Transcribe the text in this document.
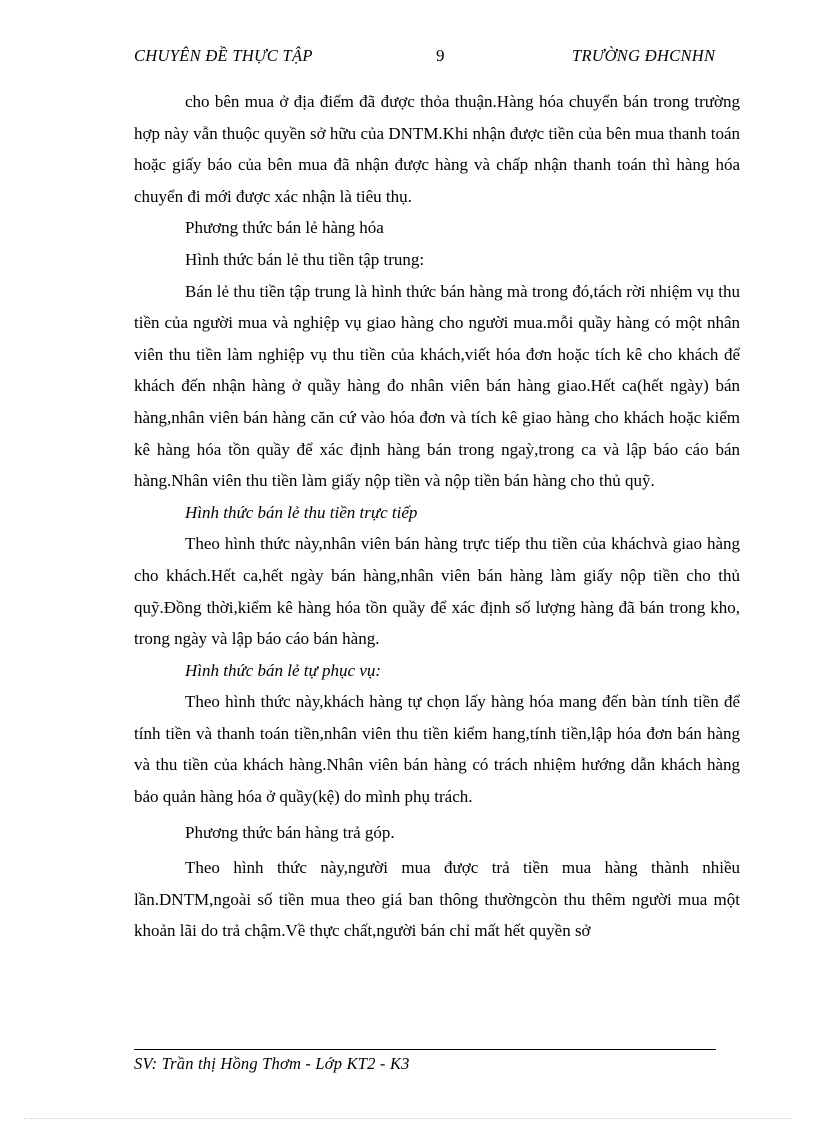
CHUYÊN ĐỀ THỰC TẬP	9	TRƯỜNG ĐHCNHN

cho bên mua ở địa điểm đã được thỏa thuận.Hàng hóa chuyển bán trong trường hợp này vẫn thuộc quyền sở hữu của DNTM.Khi nhận được tiền của bên mua thanh toán hoặc giấy báo của bên mua đã nhận được hàng và chấp nhận thanh toán thì hàng hóa chuyển đi mới được xác nhận là tiêu thụ.

Phương thức bán lẻ hàng hóa

Hình thức bán lẻ thu tiền tập trung:

Bán lẻ thu tiền tập trung là hình thức bán hàng mà trong đó,tách rời nhiệm vụ thu tiền của người mua và nghiệp vụ giao hàng cho người mua.mỗi quầy hàng có một nhân viên thu tiền làm nghiệp vụ thu tiền của khách,viết hóa đơn hoặc tích kê cho khách để khách đến nhận hàng ở quầy hàng đo nhân viên bán hàng giao.Hết ca(hết ngày) bán hàng,nhân viên bán hàng căn cứ vào hóa đơn và tích kê giao hàng cho khách hoặc kiểm kê hàng hóa tồn quầy để xác định hàng bán trong ngaỳ,trong ca và lập báo cáo bán hàng.Nhân viên thu tiền làm giấy nộp tiền và nộp tiền bán hàng cho thủ quỹ.

Hình thức bán lẻ thu tiền trực tiếp

Theo hình thức này,nhân viên bán hàng trực tiếp thu tiền của kháchvà giao hàng cho khách.Hết ca,hết ngày bán hàng,nhân viên bán hàng làm giấy nộp tiền cho thủ quỹ.Đồng thời,kiểm kê hàng hóa tồn quầy để xác định số lượng hàng đã bán trong kho, trong ngày và lập báo cáo bán hàng.

Hình thức bán lẻ tự phục vụ:

Theo hình thức này,khách hàng tự chọn lấy hàng hóa mang đến bàn tính tiền để tính tiền và thanh toán tiền,nhân viên thu tiền kiểm hang,tính tiền,lập hóa đơn bán hàng và thu tiền của khách hàng.Nhân viên bán hàng có trách nhiệm hướng dẫn khách hàng bảo quản hàng hóa ở quầy(kệ) do mình phụ trách.

Phương thức bán hàng trả góp.

Theo hình thức này,người mua được trả tiền mua hàng thành nhiều lần.DNTM,ngoài số tiền mua theo giá ban thông thườngcòn thu thêm người mua một khoản lãi do trả chậm.Về thực chất,người bán chỉ mất hết quyền sở

SV: Trần thị Hồng Thơm - Lớp KT2 - K3
